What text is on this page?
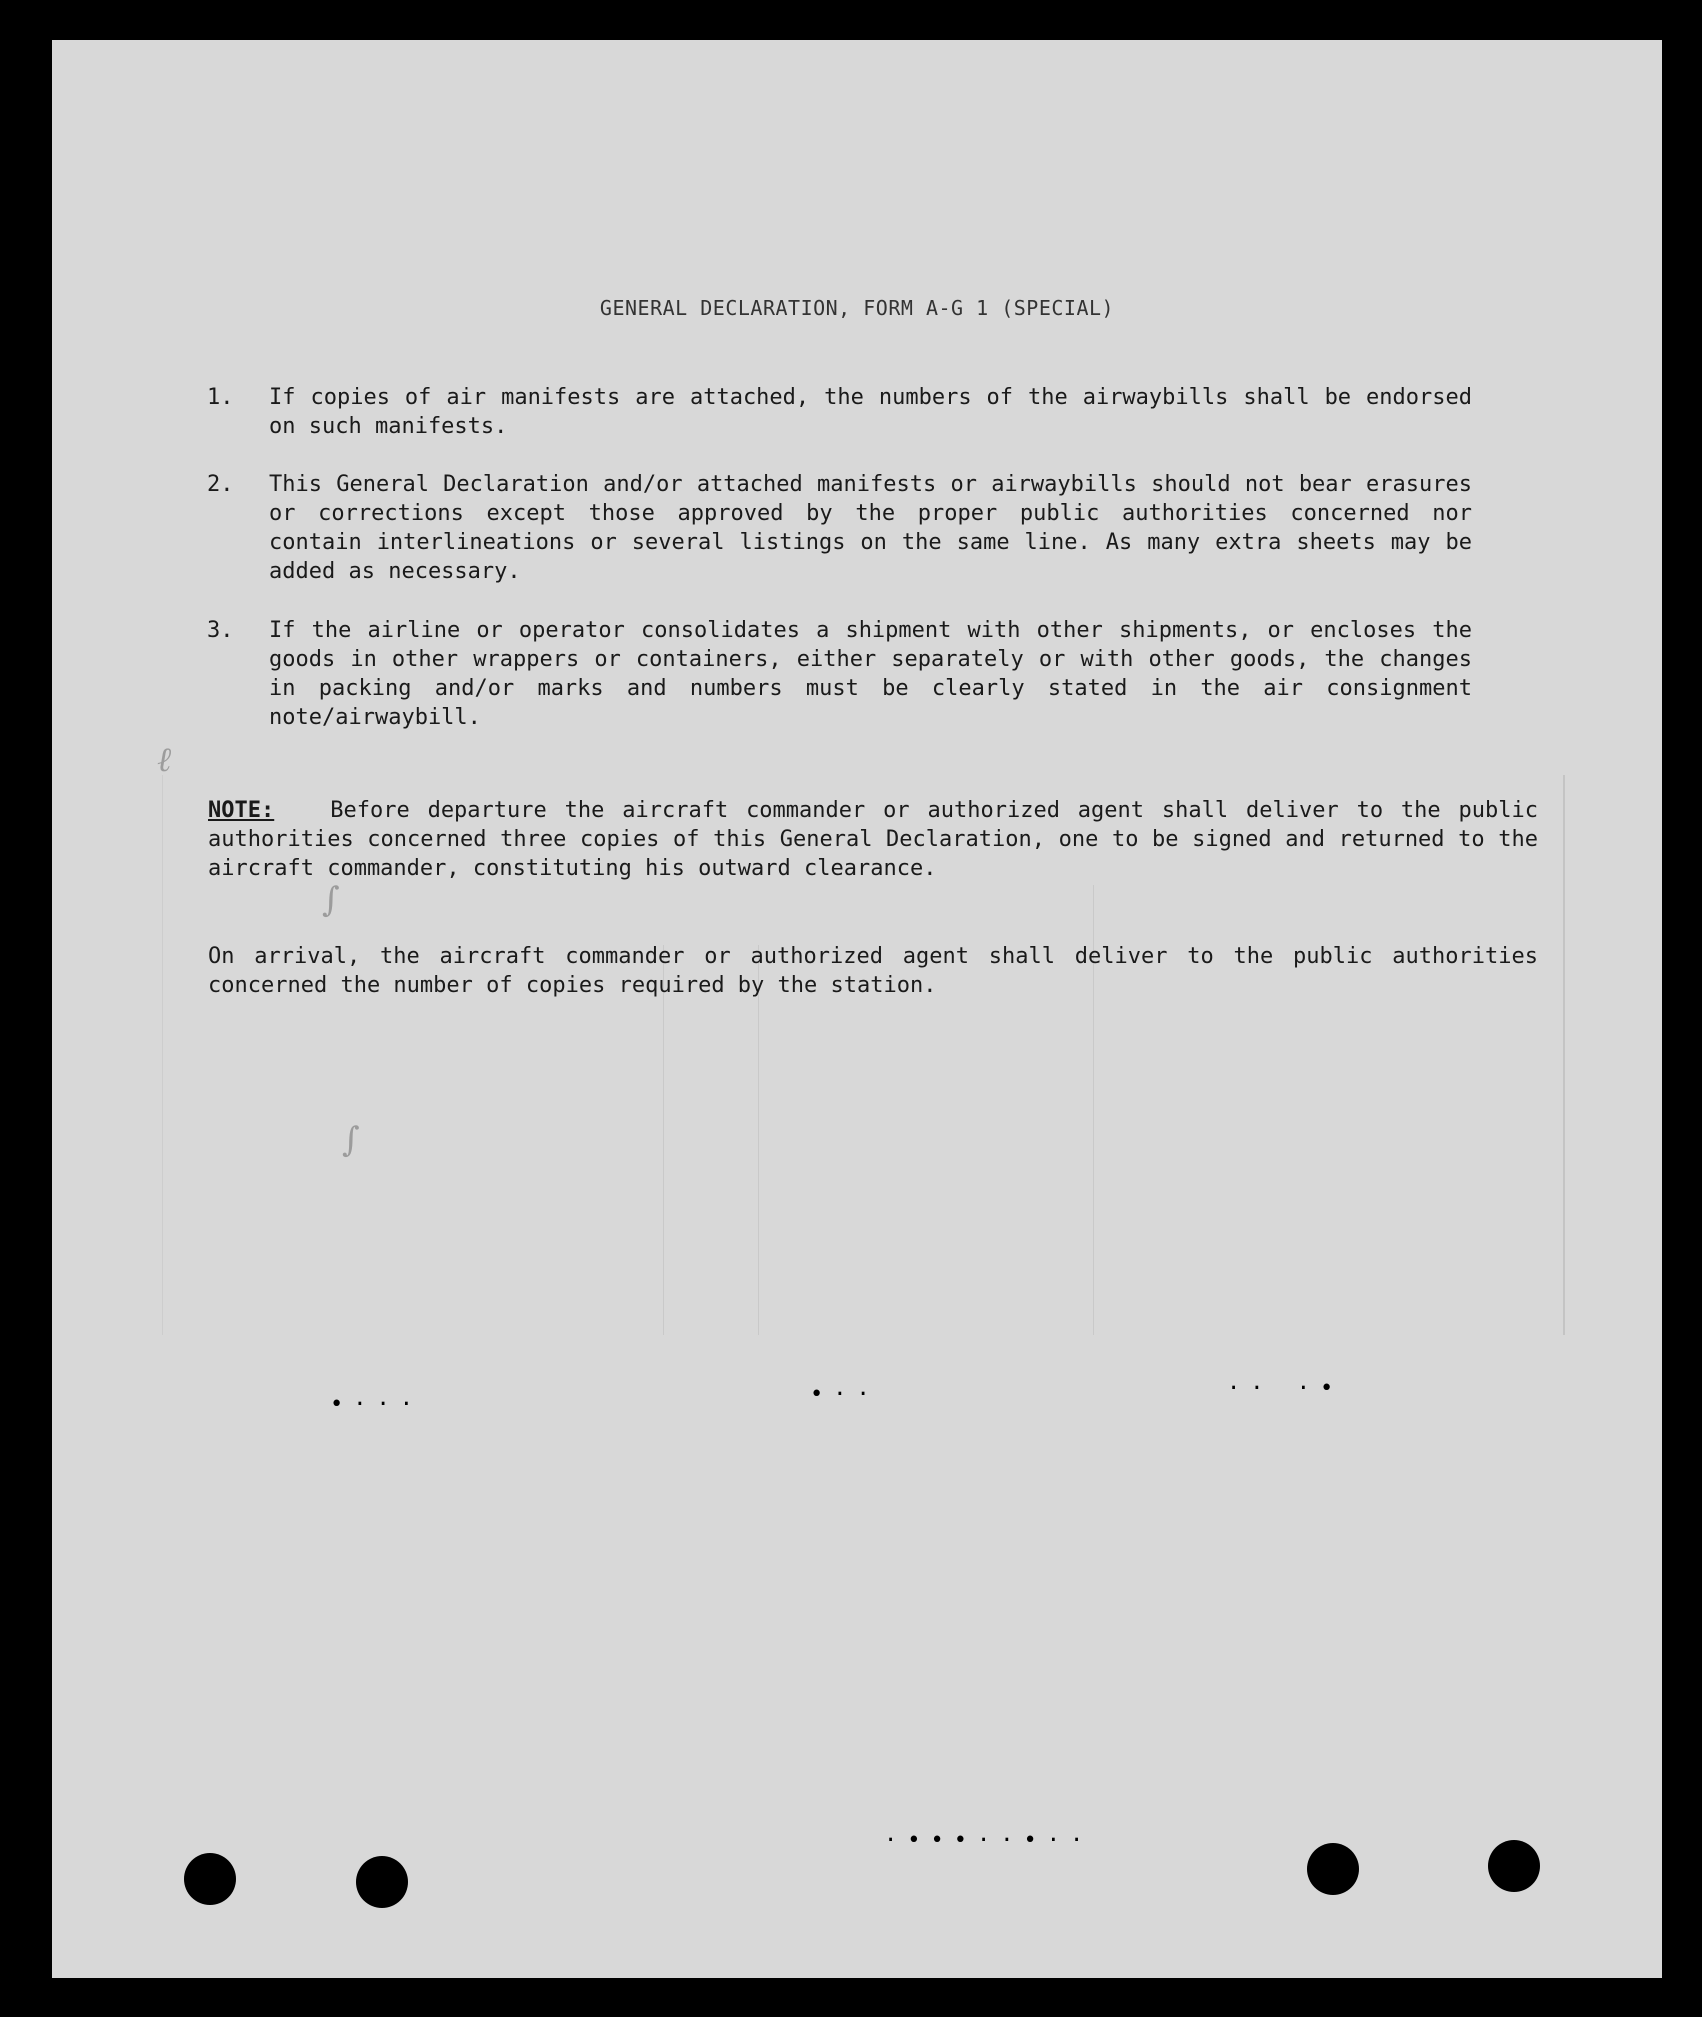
GENERAL DECLARATION, FORM A-G 1 (SPECIAL)
1.	If copies of air manifests are attached, the numbers of the airwaybills shall be endorsed on such manifests.
2.	This General Declaration and/or attached manifests or airwaybills should not bear erasures or corrections except those approved by the proper public authorities concerned nor contain interlineations or several listings on the same line. As many extra sheets may be added as necessary.
3.	If the airline or operator consolidates a shipment with other shipments, or encloses the goods in other wrappers or containers, either separately or with other goods, the changes in packing and/or marks and numbers must be clearly stated in the air consignment note/airwaybill.
NOTE:	Before departure the aircraft commander or authorized agent shall deliver to the public authorities concerned three copies of this General Declaration, one to be signed and returned to the aircraft commander, constituting his outward clearance.
On arrival, the aircraft commander or authorized agent shall deliver to the public authorities concerned the number of copies required by the station.
ℓ
∫
∫
•···	•··	·· ·•
·•••··•··
